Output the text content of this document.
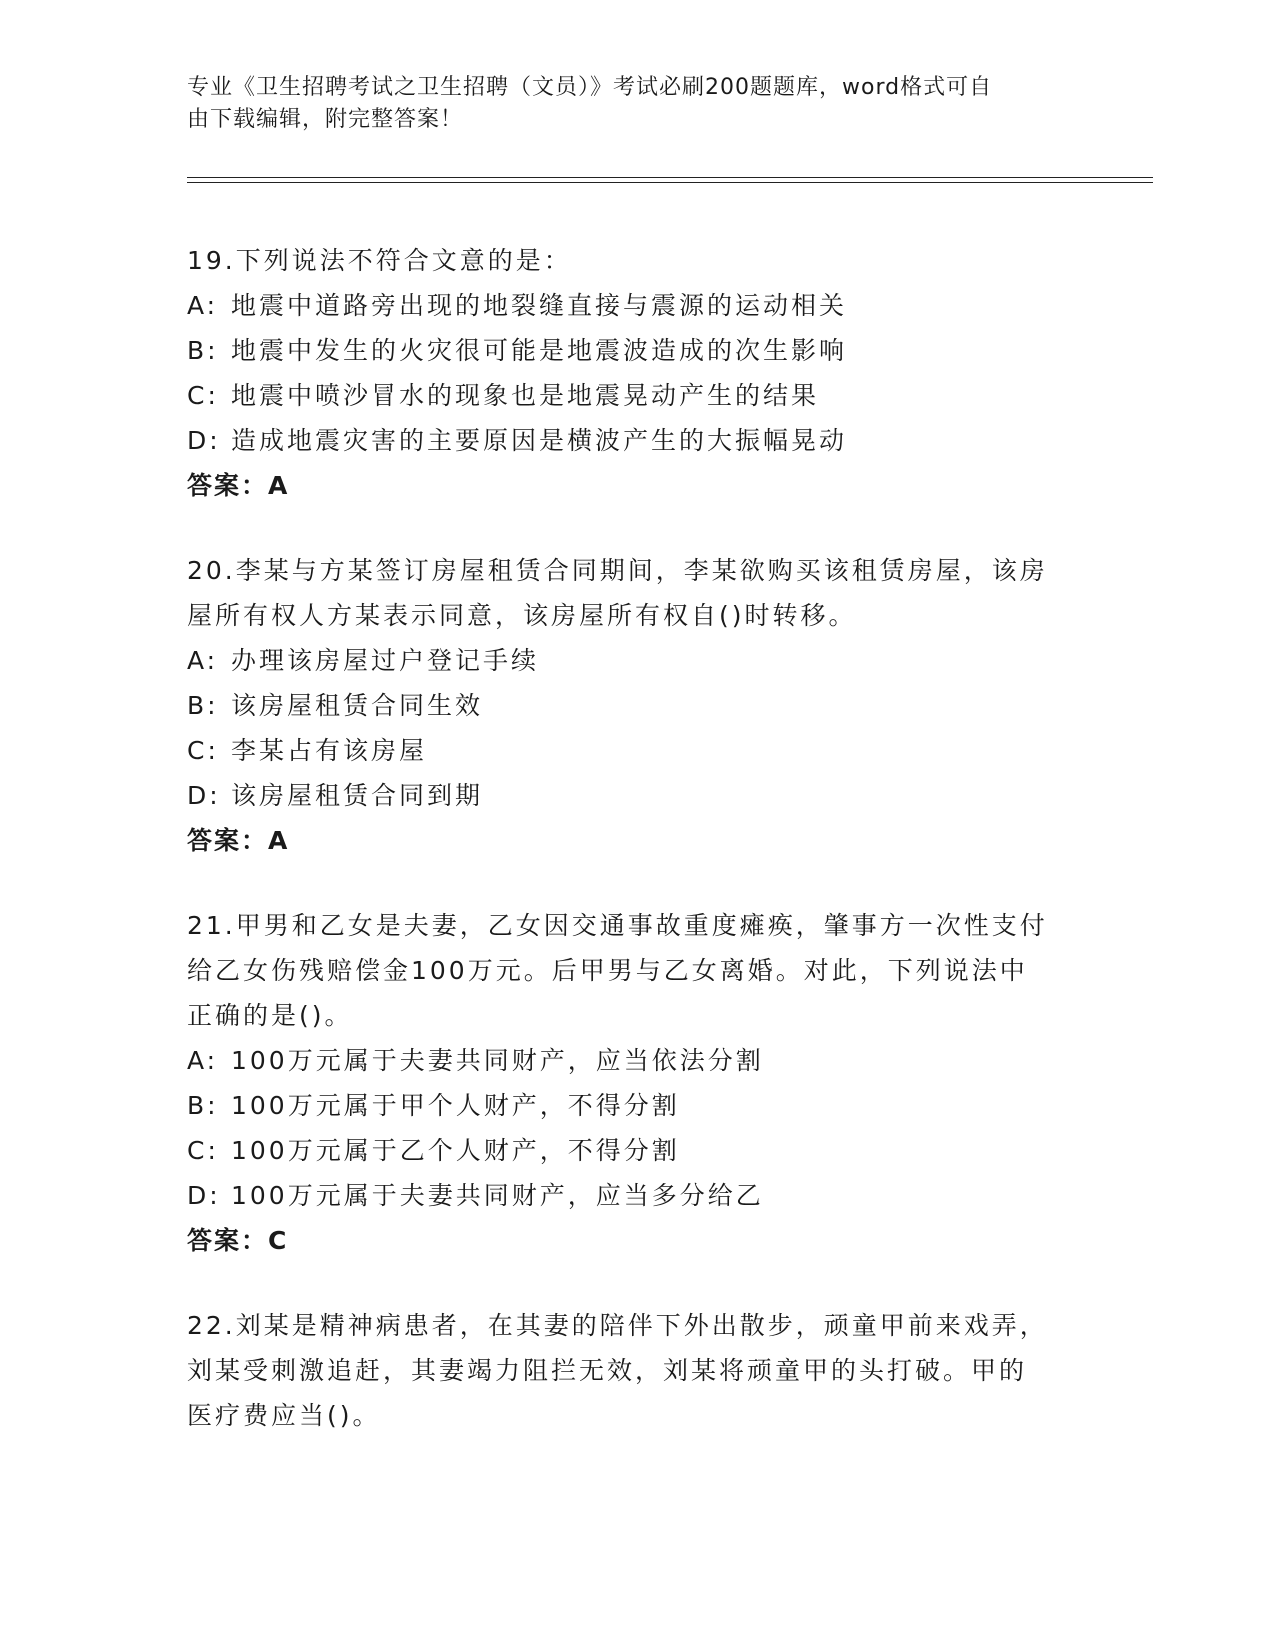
专业《卫生招聘考试之卫生招聘（文员）》考试必刷200题题库，word格式可自
由下载编辑，附完整答案！
19.下列说法不符合文意的是：
A: 地震中道路旁出现的地裂缝直接与震源的运动相关
B: 地震中发生的火灾很可能是地震波造成的次生影响
C: 地震中喷沙冒水的现象也是地震晃动产生的结果
D: 造成地震灾害的主要原因是横波产生的大振幅晃动
答案：A
20.李某与方某签订房屋租赁合同期间，李某欲购买该租赁房屋，该房
屋所有权人方某表示同意，该房屋所有权自()时转移。
A: 办理该房屋过户登记手续
B: 该房屋租赁合同生效
C: 李某占有该房屋
D: 该房屋租赁合同到期
答案：A
21.甲男和乙女是夫妻，乙女因交通事故重度瘫痪，肇事方一次性支付
给乙女伤残赔偿金100万元。后甲男与乙女离婚。对此，下列说法中
正确的是()。
A: 100万元属于夫妻共同财产，应当依法分割
B: 100万元属于甲个人财产，不得分割
C: 100万元属于乙个人财产，不得分割
D: 100万元属于夫妻共同财产，应当多分给乙
答案：C
22.刘某是精神病患者，在其妻的陪伴下外出散步，顽童甲前来戏弄，
刘某受刺激追赶，其妻竭力阻拦无效，刘某将顽童甲的头打破。甲的
医疗费应当()。
